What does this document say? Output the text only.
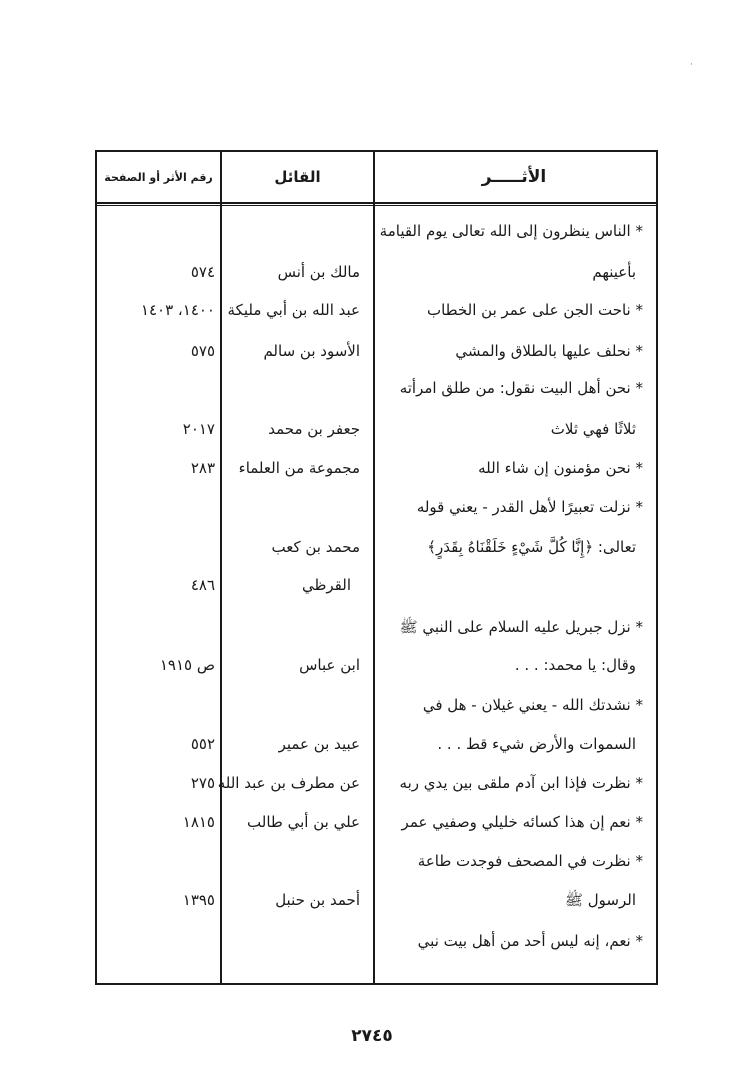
·
الأثـــــر
القائل
رقم الأثر أو الصفحة
* الناس ينظرون إلى الله تعالى يوم القيامة
بأعينهم
مالك بن أنس
٥٧٤
* ناحت الجن على عمر بن الخطاب
عبد الله بن أبي مليكة
١٤٠٠، ١٤٠٣
* نحلف عليها بالطلاق والمشي
الأسود بن سالم
٥٧٥
* نحن أهل البيت نقول: من طلق امرأته
ثلاثًا فهي ثلاث
جعفر بن محمد
٢٠١٧
* نحن مؤمنون إن شاء الله
مجموعة من العلماء
٢٨٣
* نزلت تعبيرًا لأهل القدر - يعني قوله
تعالى: ﴿إِنَّا كُلَّ شَيْءٍ خَلَقْنَاهُ بِقَدَرٍ﴾
محمد بن كعب
القرظي
٤٨٦
* نزل جبريل عليه السلام على النبي ﷺ
وقال: يا محمد: . . .
ابن عباس
ص ١٩١٥
* نشدتك الله - يعني غيلان - هل في
السموات والأرض شيء قط . . .
عبيد بن عمير
٥٥٢
* نظرت فإذا ابن آدم ملقى بين يدي ربه
عن مطرف بن عبد الله
٢٧٥
* نعم إن هذا كسائه خليلي وصفيي عمر
علي بن أبي طالب
١٨١٥
* نظرت في المصحف فوجدت طاعة
الرسول ﷺ
أحمد بن حنبل
١٣٩٥
* نعم، إنه ليس أحد من أهل بيت نبي
٢٧٤٥
